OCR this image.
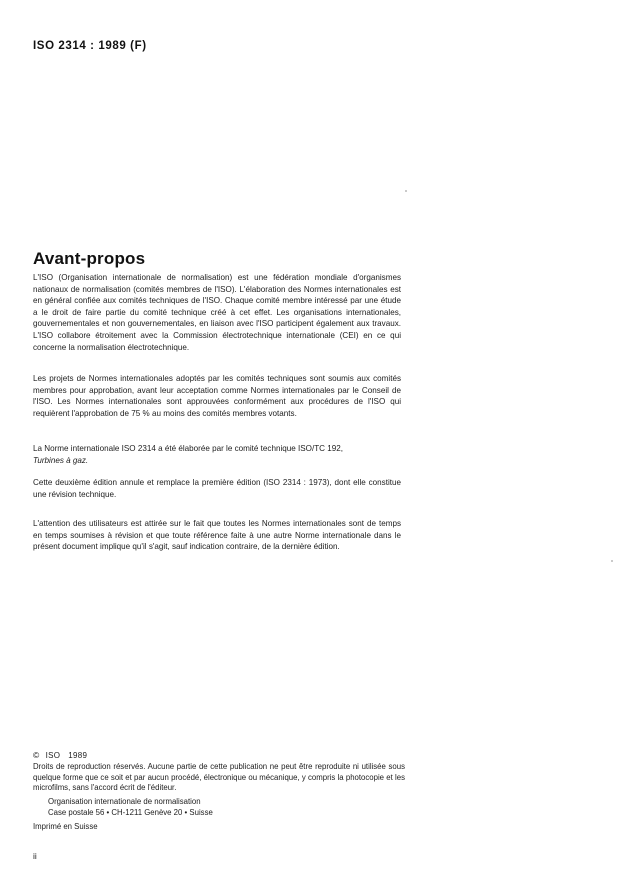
ISO 2314 : 1989 (F)
Avant-propos
L'ISO (Organisation internationale de normalisation) est une fédération mondiale d'organismes nationaux de normalisation (comités membres de l'ISO). L'élaboration des Normes internationales est en général confiée aux comités techniques de l'ISO. Chaque comité membre intéressé par une étude a le droit de faire partie du comité technique créé à cet effet. Les organisations internationales, gouvernementales et non gouvernementales, en liaison avec l'ISO participent également aux travaux. L'ISO collabore étroitement avec la Commission électrotechnique internationale (CEI) en ce qui concerne la normalisation électrotechnique.
Les projets de Normes internationales adoptés par les comités techniques sont soumis aux comités membres pour approbation, avant leur acceptation comme Normes internationales par le Conseil de l'ISO. Les Normes internationales sont approuvées conformément aux procédures de l'ISO qui requièrent l'approbation de 75 % au moins des comités membres votants.
La Norme internationale ISO 2314 a été élaborée par le comité technique ISO/TC 192,
Turbines à gaz.
Cette deuxième édition annule et remplace la première édition (ISO 2314 : 1973), dont elle constitue une révision technique.
L'attention des utilisateurs est attirée sur le fait que toutes les Normes internationales sont de temps en temps soumises à révision et que toute référence faite à une autre Norme internationale dans le présent document implique qu'il s'agit, sauf indication contraire, de la dernière édition.
© ISO 1989
Droits de reproduction réservés. Aucune partie de cette publication ne peut être reproduite ni utilisée sous quelque forme que ce soit et par aucun procédé, électronique ou mécanique, y compris la photocopie et les microfilms, sans l'accord écrit de l'éditeur.
Organisation internationale de normalisation
Case postale 56 • CH-1211 Genève 20 • Suisse
Imprimé en Suisse
ii
